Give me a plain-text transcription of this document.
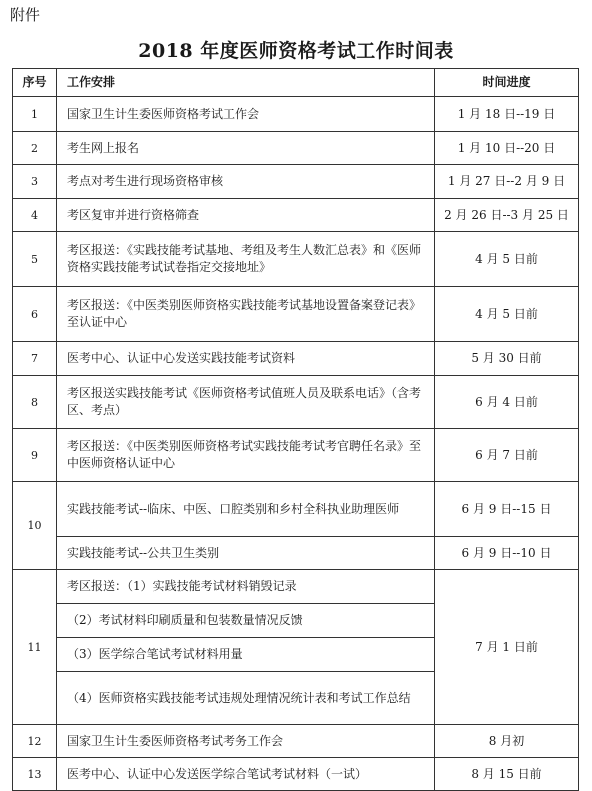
附件
2018 年度医师资格考试工作时间表
序号	工作安排	时间进度
1	国家卫生计生委医师资格考试工作会	1 月 18 日--19 日
2	考生网上报名	1 月 10 日--20 日
3	考点对考生进行现场资格审核	1 月 27 日--2 月 9 日
4	考区复审并进行资格筛查	2 月 26 日--3 月 25 日
5	考区报送：《实践技能考试基地、考组及考生人数汇总表》和《医师资格实践技能考试试卷指定交接地址》	4 月 5 日前
6	考区报送：《中医类别医师资格实践技能考试基地设置备案登记表》至认证中心	4 月 5 日前
7	医考中心、认证中心发送实践技能考试资料	5 月 30 日前
8	考区报送实践技能考试《医师资格考试值班人员及联系电话》（含考区、考点）	6 月 4 日前
9	考区报送：《中医类别医师资格考试实践技能考试考官聘任名录》至中医师资格认证中心	6 月 7 日前
10	实践技能考试--临床、中医、口腔类别和乡村全科执业助理医师	6 月 9 日--15 日
	实践技能考试--公共卫生类别	6 月 9 日--10 日
11	考区报送：（1）实践技能考试材料销毁记录	7 月 1 日前
	（2）考试材料印刷质量和包装数量情况反馈	
	（3）医学综合笔试考试材料用量	
	（4）医师资格实践技能考试违规处理情况统计表和考试工作总结	
12	国家卫生计生委医师资格考试考务工作会	8 月初
13	医考中心、认证中心发送医学综合笔试考试材料（一试）	8 月 15 日前
